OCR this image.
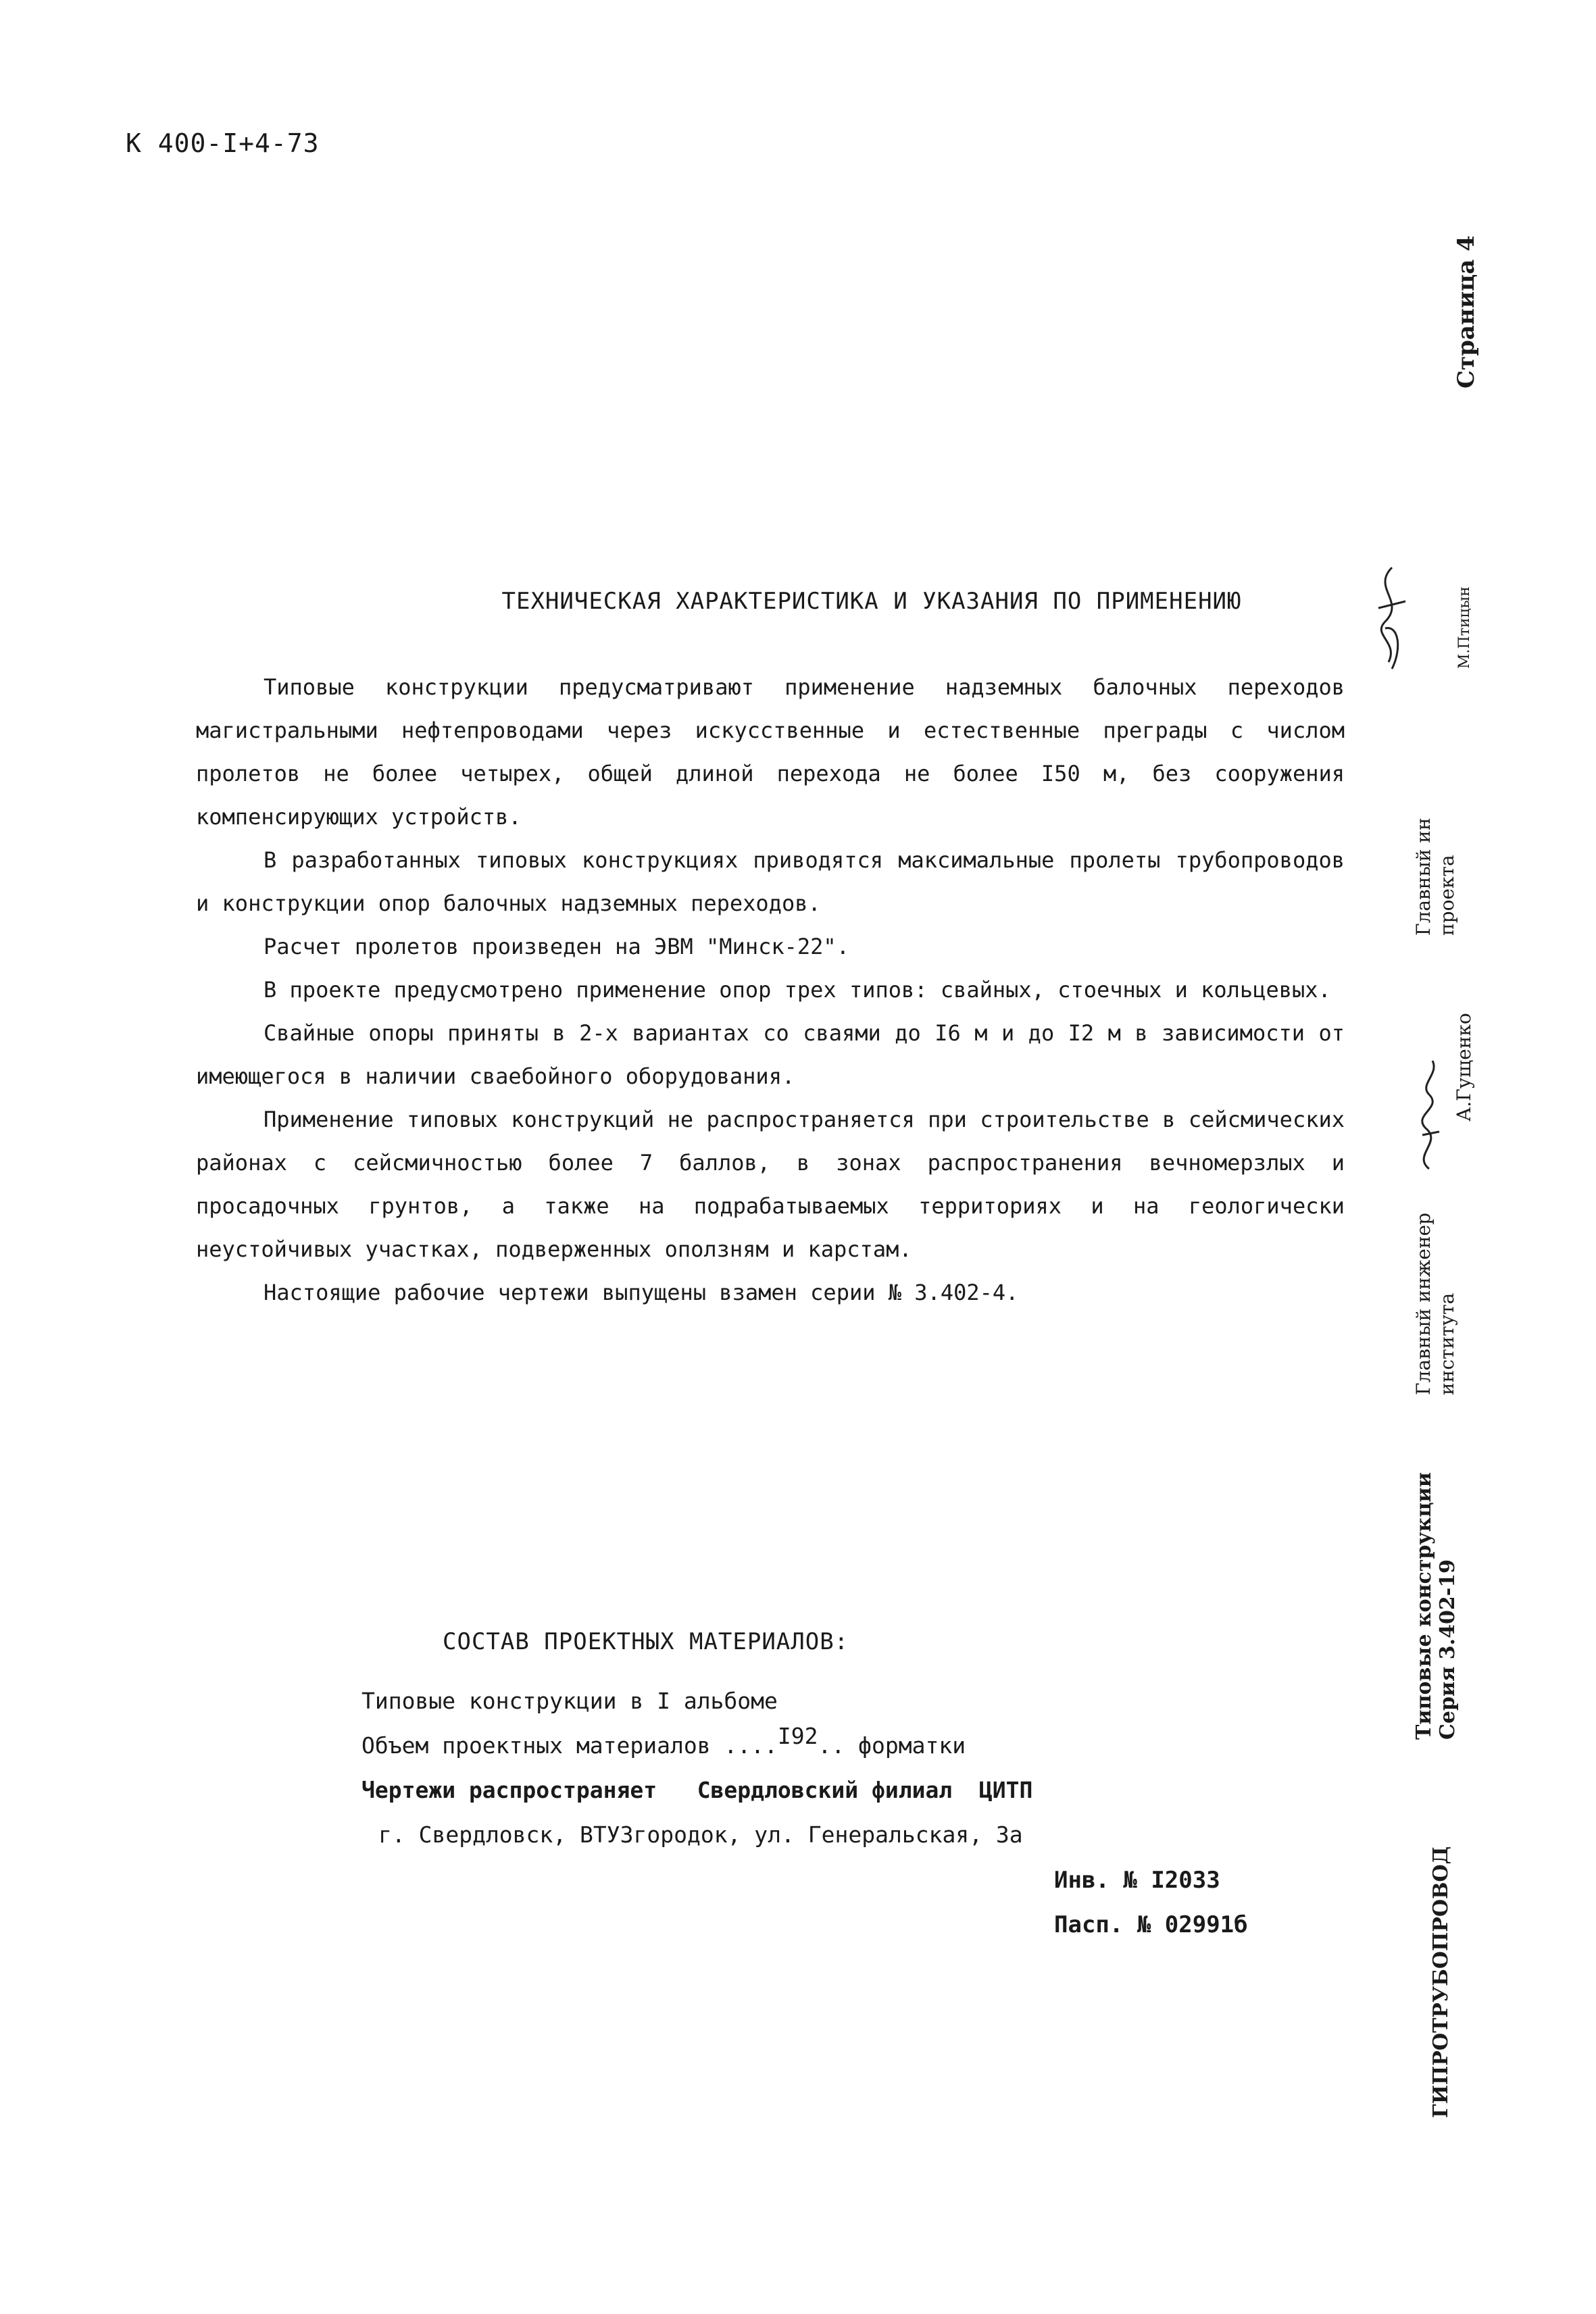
К 400-I+4-73
Страница 4
М.Птицын
Главный ин проекта
А.Гущенко
Главный инженер института
Типовые конструкции Серия 3.402-19
ГИПРОТРУБОПРОВОД
ТЕХНИЧЕСКАЯ ХАРАКТЕРИСТИКА И УКАЗАНИЯ ПО ПРИМЕНЕНИЮ

Типовые конструкции предусматривают применение надземных балочных переходов магистральными нефтепроводами через искусственные и естественные преграды с числом пролетов не более четырех, общей длиной перехода не более I50 м, без сооружения компенсирующих устройств.

В разработанных типовых конструкциях приводятся максимальные пролеты трубопроводов и конструкции опор балочных надземных переходов.

Расчет пролетов произведен на ЭВМ "Минск-22".

В проекте предусмотрено применение опор трех типов: свайных, стоечных и кольцевых.

Свайные опоры приняты в 2-х вариантах со сваями до I6 м и до I2 м в зависимости от имеющегося в наличии сваебойного оборудования.

Применение типовых конструкций не распространяется при строительстве в сейсмических районах с сейсмичностью более 7 баллов, в зонах распространения вечномерзлых и просадочных грунтов, а также на подрабатываемых территориях и на геологически неустойчивых участках, подверженных оползням и карстам.

Настоящие рабочие чертежи выпущены взамен серии № 3.402-4.

СОСТАВ ПРОЕКТНЫХ МАТЕРИАЛОВ:
Типовые конструкции в I альбоме
Объем проектных материалов ....I92.. форматки
Чертежи распространяет   Свердловский филиал  ЦИТП
г. Свердловск, ВТУЗгородок, ул. Генеральская, 3а
Инв. № I2033
Пасп. № 02991б
